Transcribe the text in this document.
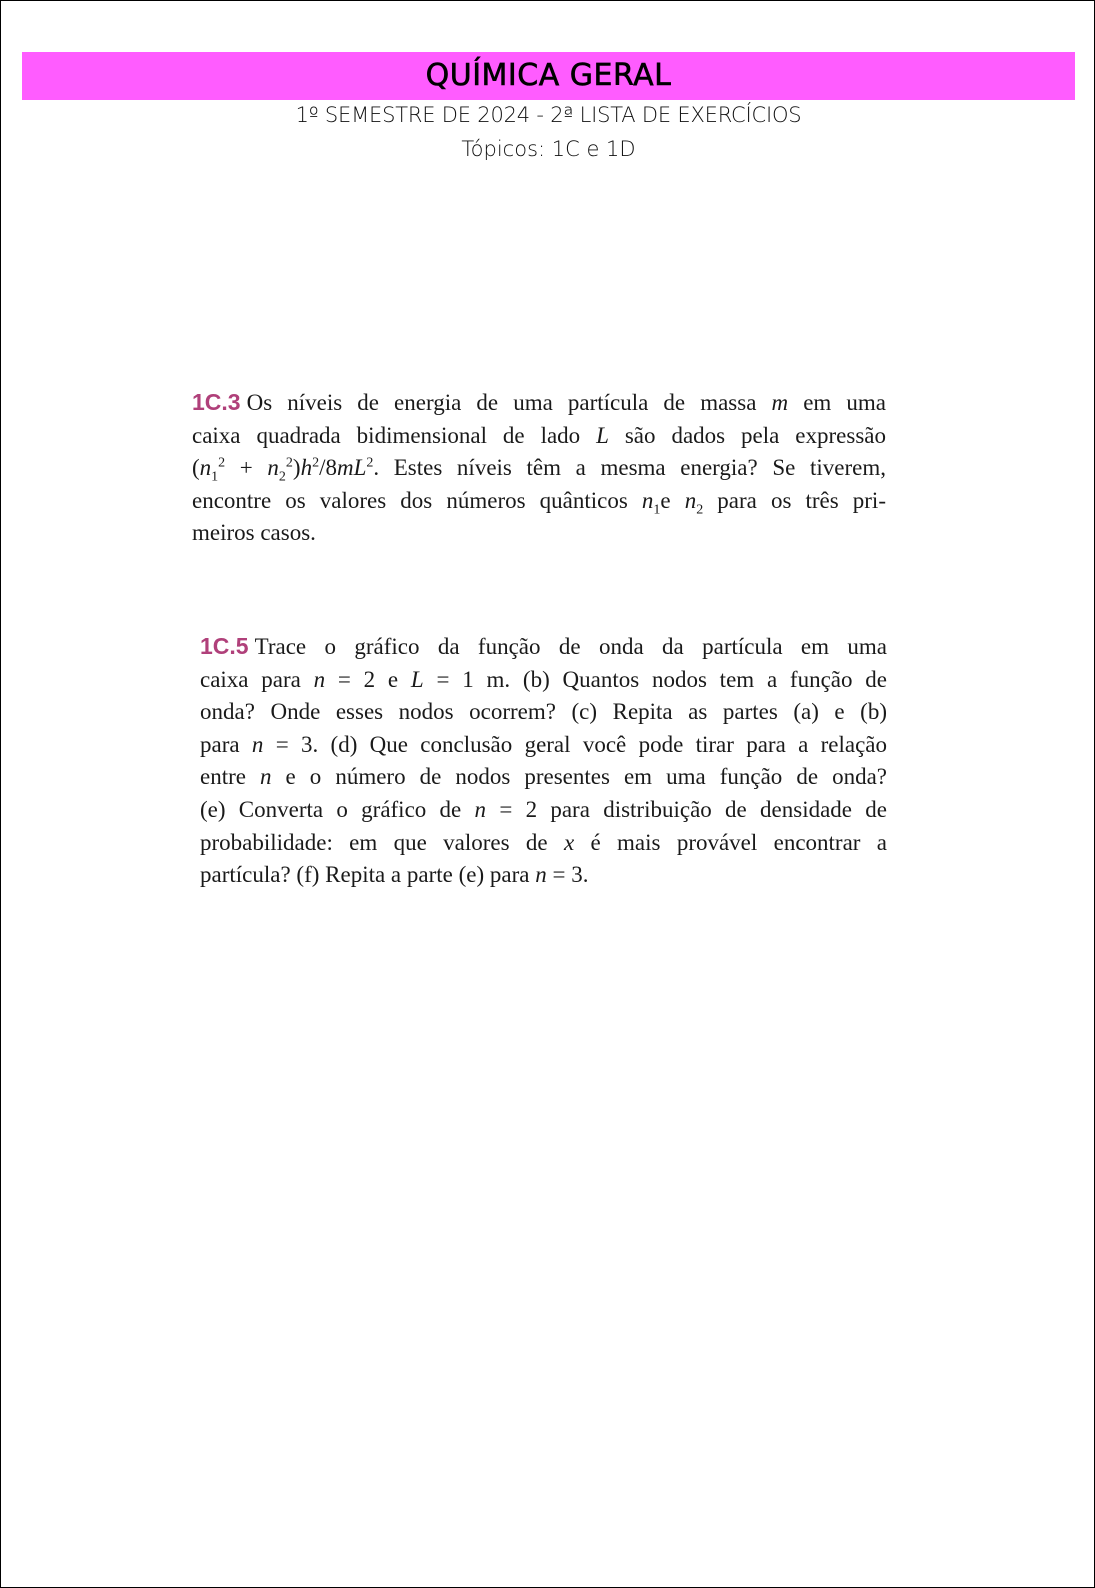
QUÍMICA GERAL
1º SEMESTRE DE 2024 - 2ª LISTA DE EXERCÍCIOS
Tópicos: 1C e 1D
1C.3 Os níveis de energia de uma partícula de massa m em uma
caixa quadrada bidimensional de lado L são dados pela expressão
$(n_1^2 + n_2^2)h^2/8mL^2$. Estes níveis têm a mesma energia? Se tiverem,
encontre os valores dos números quânticos $n_1e$ $n_2$ para os três pri-
meiros casos.
1C.5 Trace o gráfico da função de onda da partícula em uma
caixa para n = 2 e L = 1 m. (b) Quantos nodos tem a função de
onda? Onde esses nodos ocorrem? (c) Repita as partes (a) e (b)
para n = 3. (d) Que conclusão geral você pode tirar para a relação
entre n e o número de nodos presentes em uma função de onda?
(e) Converta o gráfico de n = 2 para distribuição de densidade de
probabilidade: em que valores de x é mais provável encontrar a
partícula? (f) Repita a parte (e) para n = 3.
